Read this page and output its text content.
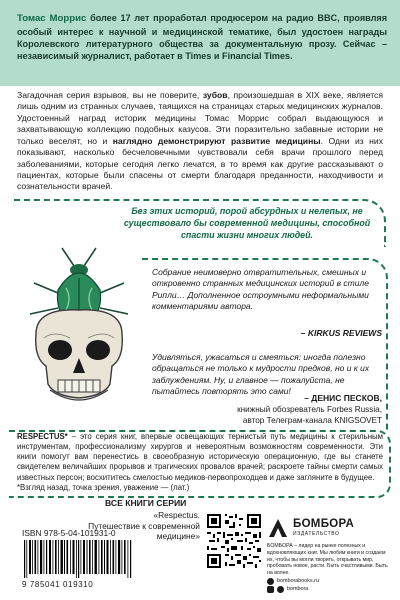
Томас Моррис более 17 лет проработал продюсером на радио BBC, проявляя особый интерес к научной и медицинской тематике, был удостоен награды Королевского литературного общества за документальную прозу. Сейчас – независимый журналист, работает в Times и Financial Times.

Загадочная серия взрывов, вы не поверите, зубов, произошедшая в XIX веке, является лишь одним из странных случаев, таящихся на страницах старых медицинских журналов. Удостоенный наград историк медицины Томас Моррис собрал выдающуюся и захватывающую коллекцию подобных казусов. Эти поразительно забавные истории не только веселят, но и наглядно демонстрируют развитие медицины. Одни из них показывают, насколько бесчеловечными чувствовали себя врачи прошлого перед заболеваниями, которые сегодня легко лечатся, в то время как другие рассказывают о пациентах, которые были спасены от смерти благодаря преданности, находчивости и сознательности врачей.

Без этих историй, порой абсурдных и нелепых, не существовало бы современной медицины, способной спасти жизни многих людей.

Собрание неимоверно отвратительных, смешных и откровенно странных медицинских историй в стиле Рипли… Дополненное остроумными неформальными комментариями автора.

– KIRKUS REVIEWS

Удивляться, ужасаться и смеяться: иногда полезно обращаться не только к мудрости предков, но и к их заблуждениям. Ну, и главное — пожалуйста, не пытайтесь повторять это сами!

– ДЕНИС ПЕСКОВ,

книжный обозреватель Forbes Russia,
автор Телеграм-канала KNIGSOVET
RESPECTUS* – это серия книг, впервые освещающих тернистый путь медицины к стерильным инструментам, профессионализму хирургов и невероятным возможностям современности. Эти книги помогут вам перенестись в своеобразную историческую операционную, где вы станете свидетелем величайших прорывов и трагических провалов врачей; раскроете тайны смерти самых известных персон; восхититесь смелостью медиков-первопроходцев и даже загляните в будущее.
*Взгляд назад, точка зрения, уважение — (лат.)
ВСЕ КНИГИ СЕРИИ
«Respectus.
Путешествие к современной медицине»
ISBN 978-5-04-101931-0
9 785041 019310
БОМБОРА
ИЗДАТЕЛЬСТВО

БОМБОРА – лидер на рынке полезных и вдохновляющих книг. Мы любим книги и создаем их, чтобы вы могли творить, открывать мир, пробовать новое, расти. Быть счастливыми. Быть на волне.

bomborabooks.ru
bombora
